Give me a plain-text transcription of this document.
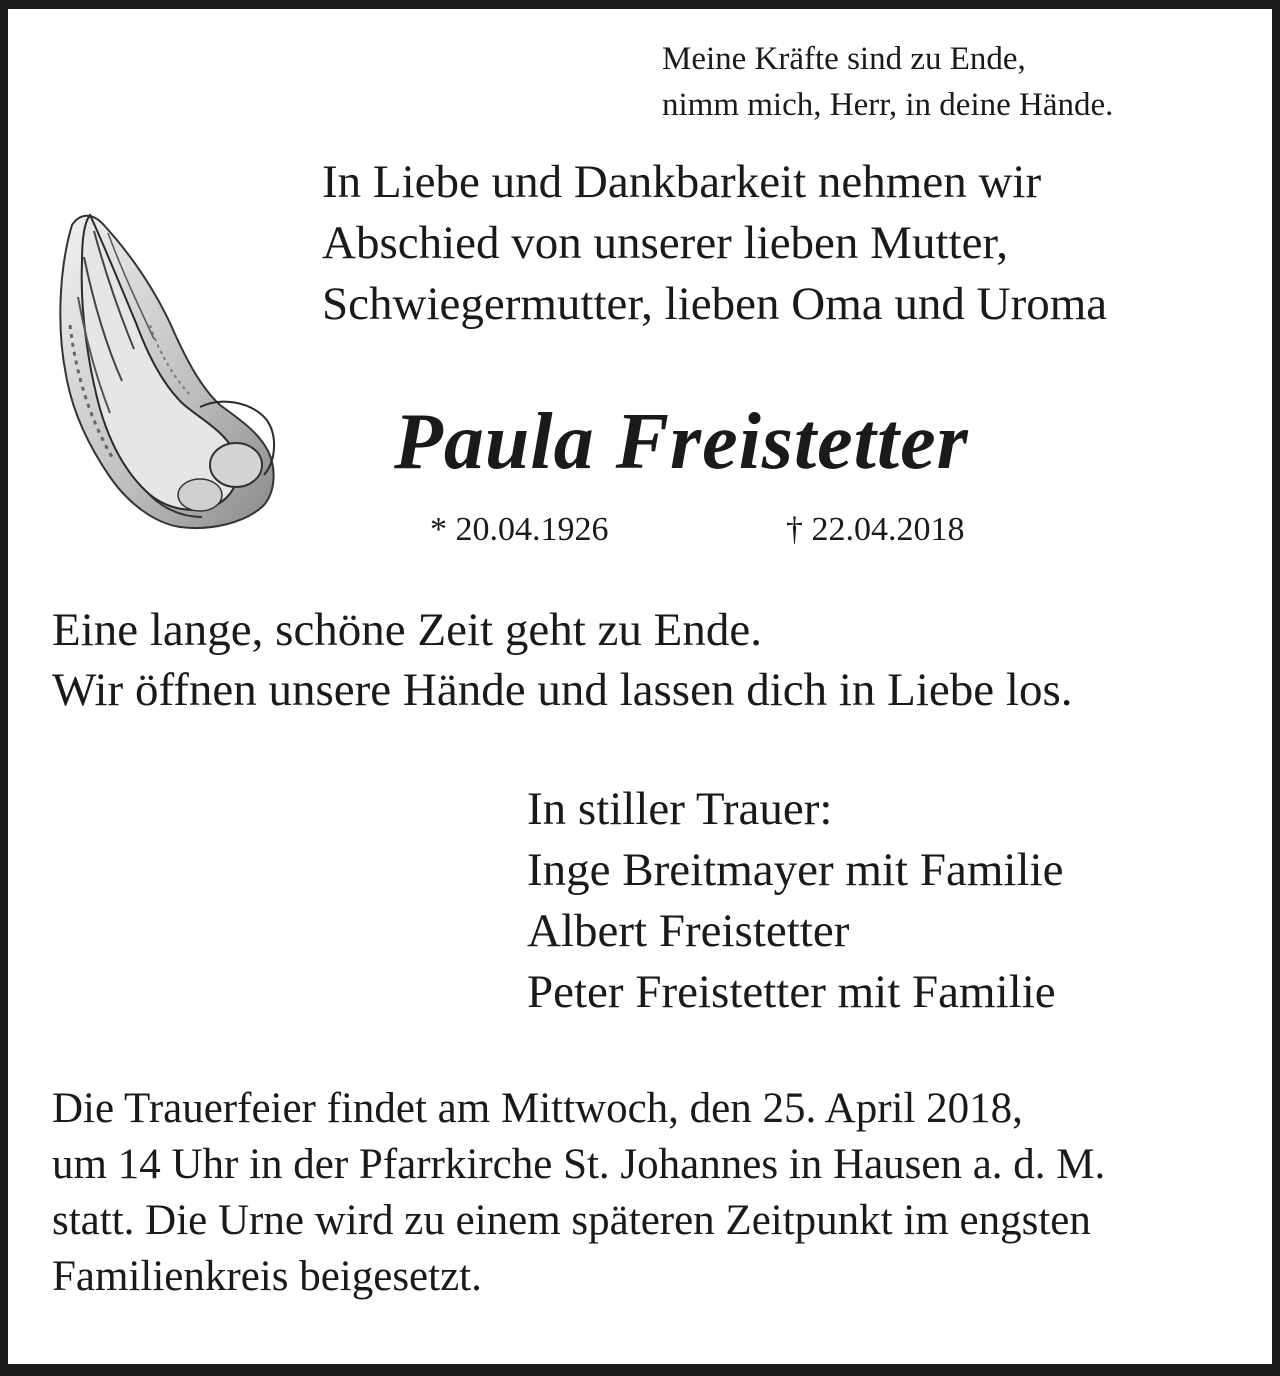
Meine Kräfte sind zu Ende,
nimm mich, Herr, in deine Hände.
In Liebe und Dankbarkeit nehmen wir
Abschied von unserer lieben Mutter,
Schwiegermutter, lieben Oma und Uroma
Paula Freistetter
* 20.04.1926	† 22.04.2018
Eine lange, schöne Zeit geht zu Ende.
Wir öffnen unsere Hände und lassen dich in Liebe los.
In stiller Trauer:
Inge Breitmayer mit Familie
Albert Freistetter
Peter Freistetter mit Familie
Die Trauerfeier findet am Mittwoch, den 25. April 2018,
um 14 Uhr in der Pfarrkirche St. Johannes in Hausen a. d. M.
statt. Die Urne wird zu einem späteren Zeitpunkt im engsten
Familienkreis beigesetzt.
